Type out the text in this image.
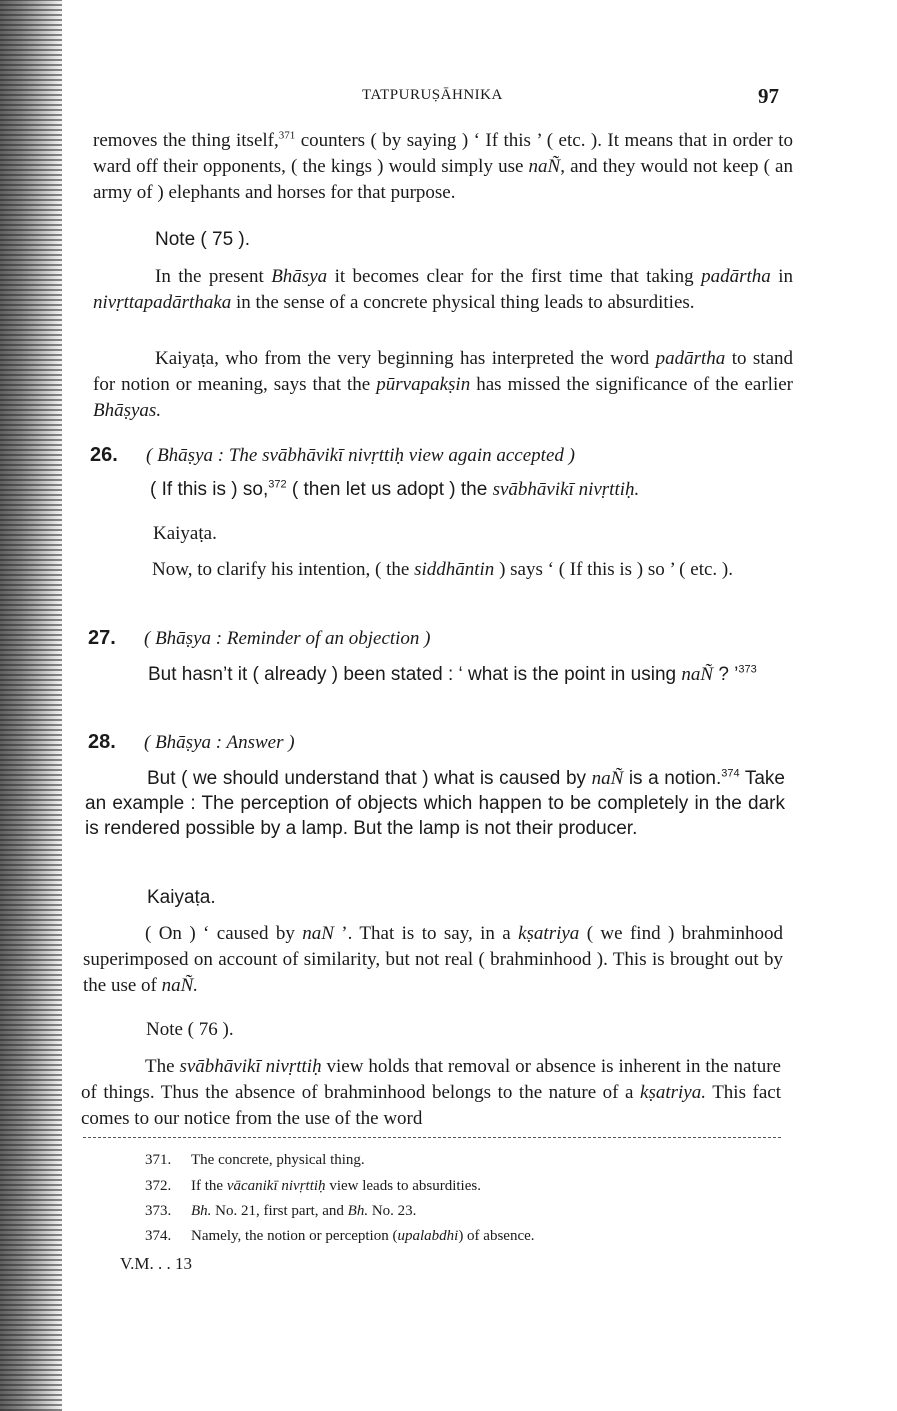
TATPURUṢĀHNIKA	97

removes the thing itself,$^{371}$ counters ( by saying ) ‘ If this ’ ( etc. ). It means that in order to ward off their opponents, ( the kings ) would simply use naÑ, and they would not keep ( an army of ) elephants and horses for that purpose.

Note ( 75 ).

In the present Bhāsya it becomes clear for the first time that taking padārtha in nivṛttapadārthaka in the sense of a concrete physical thing leads to absurdities.

Kaiyaṭa, who from the very beginning has interpreted the word padārtha to stand for notion or meaning, says that the pūrvapakṣin has missed the significance of the earlier Bhāṣyas.

26. ( Bhāṣya : The svābhāvikī nivṛttiḥ view again accepted )
( If this is ) so,$^{372}$ ( then let us adopt ) the svābhāvikī nivṛttiḥ.
Kaiyaṭa.

Now, to clarify his intention, ( the siddhāntin ) says ‘ ( If this is ) so ’ ( etc. ).

27. ( Bhāṣya : Reminder of an objection )

But hasn’t it ( already ) been stated : ‘ what is the point in using naÑ ? ’$^{373}$

28. ( Bhāṣya : Answer )

But ( we should understand that ) what is caused by naÑ is a notion.$^{374}$ Take an example : The perception of objects which happen to be completely in the dark is rendered possible by a lamp. But the lamp is not their producer.

Kaiyaṭa.

( On ) ‘ caused by naN ’. That is to say, in a kṣatriya ( we find ) brahminhood superimposed on account of similarity, but not real ( brahminhood ). This is brought out by the use of naÑ.

Note ( 76 ).

The svābhāvikī nivṛttiḥ view holds that removal or absence is inherent in the nature of things. Thus the absence of brahminhood belongs to the nature of a kṣatriya. This fact comes to our notice from the use of the word

371. The concrete, physical thing.
372. If the vācanikī nivṛttiḥ view leads to absurdities.
373. Bh. No. 21, first part, and Bh. No. 23.
374. Namely, the notion or perception (upalabdhi) of absence.
V.M. . . 13
